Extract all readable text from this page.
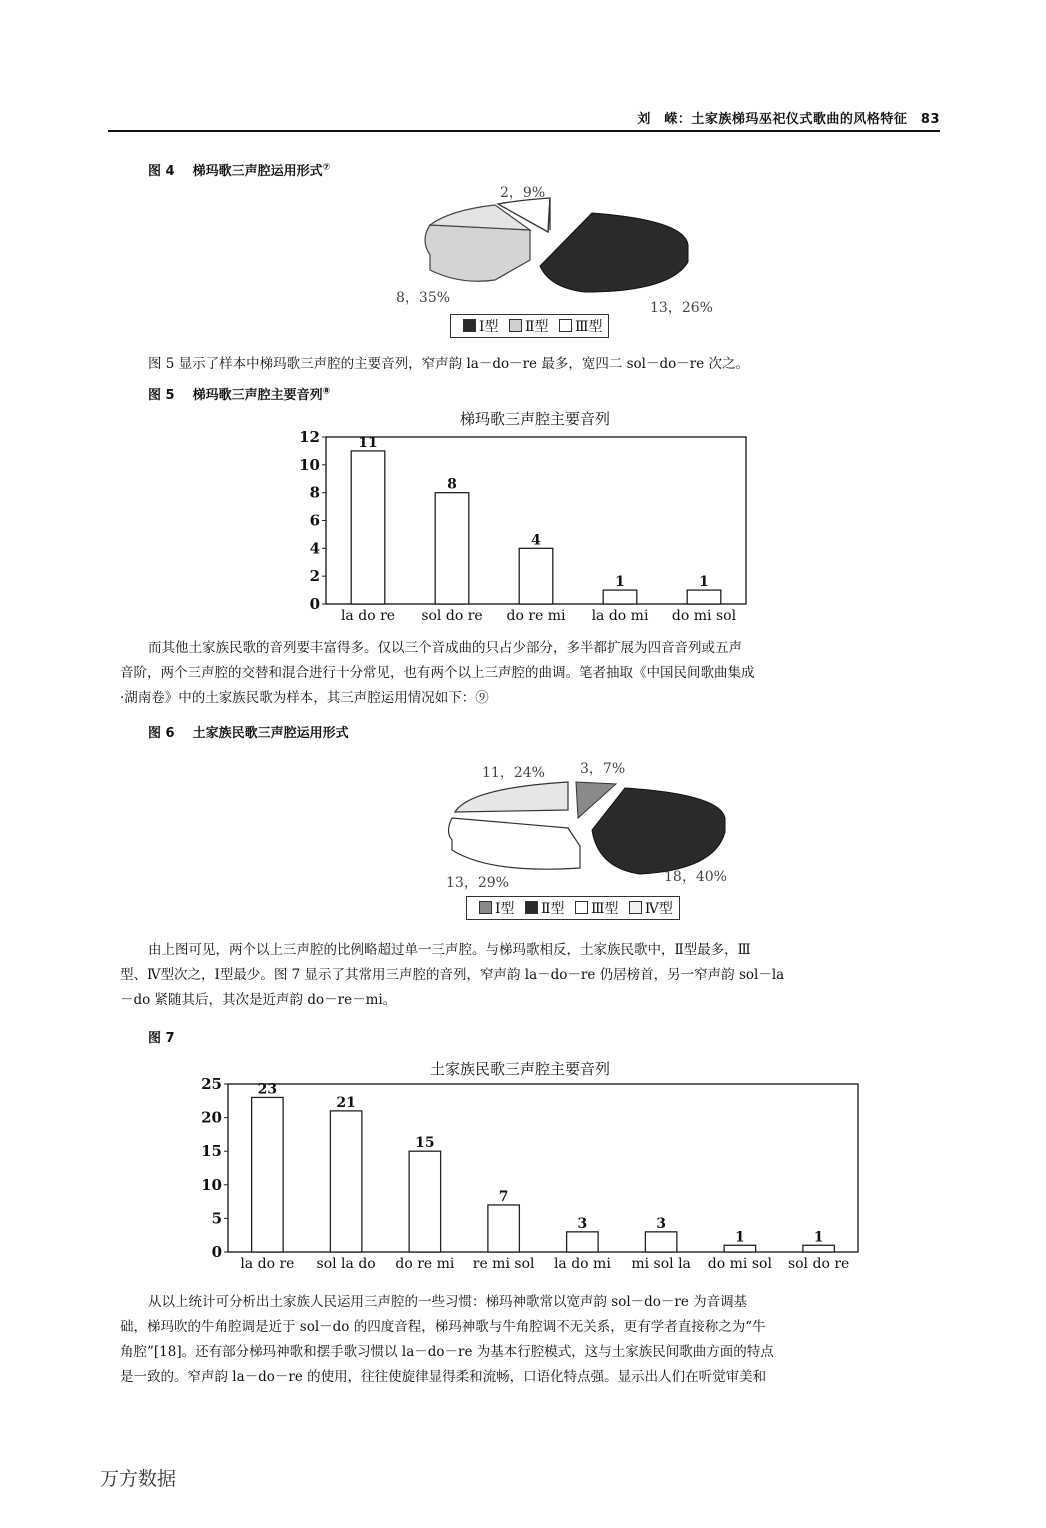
刘　嵘：土家族梯玛巫祀仪式歌曲的风格特征　83
图 4 梯玛歌三声腔运用形式⑦
2，9%
8，35%
13，26%
Ⅰ型 Ⅱ型 Ⅲ型
图 5 显示了样本中梯玛歌三声腔的主要音列，窄声韵 la－do－re 最多，宽四二 sol－do－re 次之。
图 5 梯玛歌三声腔主要音列⑧
梯玛歌三声腔主要音列
0
2
4
6
8
10
12	11
la do re
8
sol do re
4
do re mi
1
la do mi
1
do mi sol

而其他土家族民歌的音列要丰富得多。仅以三个音成曲的只占少部分，多半都扩展为四音音列或五声

音阶，两个三声腔的交替和混合进行十分常见，也有两个以上三声腔的曲调。笔者抽取《中国民间歌曲集成

·湖南卷》中的土家族民歌为样本，其三声腔运用情况如下：⑨

图 6 土家族民歌三声腔运用形式
11，24%	3，7%
13，29%	18，40%
Ⅰ型 Ⅱ型 Ⅲ型 Ⅳ型

由上图可见，两个以上三声腔的比例略超过单一三声腔。与梯玛歌相反，土家族民歌中，Ⅱ型最多，Ⅲ

型、Ⅳ型次之，Ⅰ型最少。图 7 显示了其常用三声腔的音列，窄声韵 la－do－re 仍居榜首，另一窄声韵 sol－la

－do 紧随其后，其次是近声韵 do－re－mi。

图 7
土家族民歌三声腔主要音列
0
5
10
15
20
25	23
la do re
21
sol la do
15
do re mi
7
re mi sol
3
la do mi
3
mi sol la
1
do mi sol
1
sol do re

从以上统计可分析出土家族人民运用三声腔的一些习惯：梯玛神歌常以宽声韵 sol－do－re 为音调基

础，梯玛吹的牛角腔调是近于 sol－do 的四度音程，梯玛神歌与牛角腔调不无关系，更有学者直接称之为“牛

角腔”[18]。还有部分梯玛神歌和摆手歌习惯以 la－do－re 为基本行腔模式，这与土家族民间歌曲方面的特点

是一致的。窄声韵 la－do－re 的使用，往往使旋律显得柔和流畅，口语化特点强。显示出人们在听觉审美和

万方数据
